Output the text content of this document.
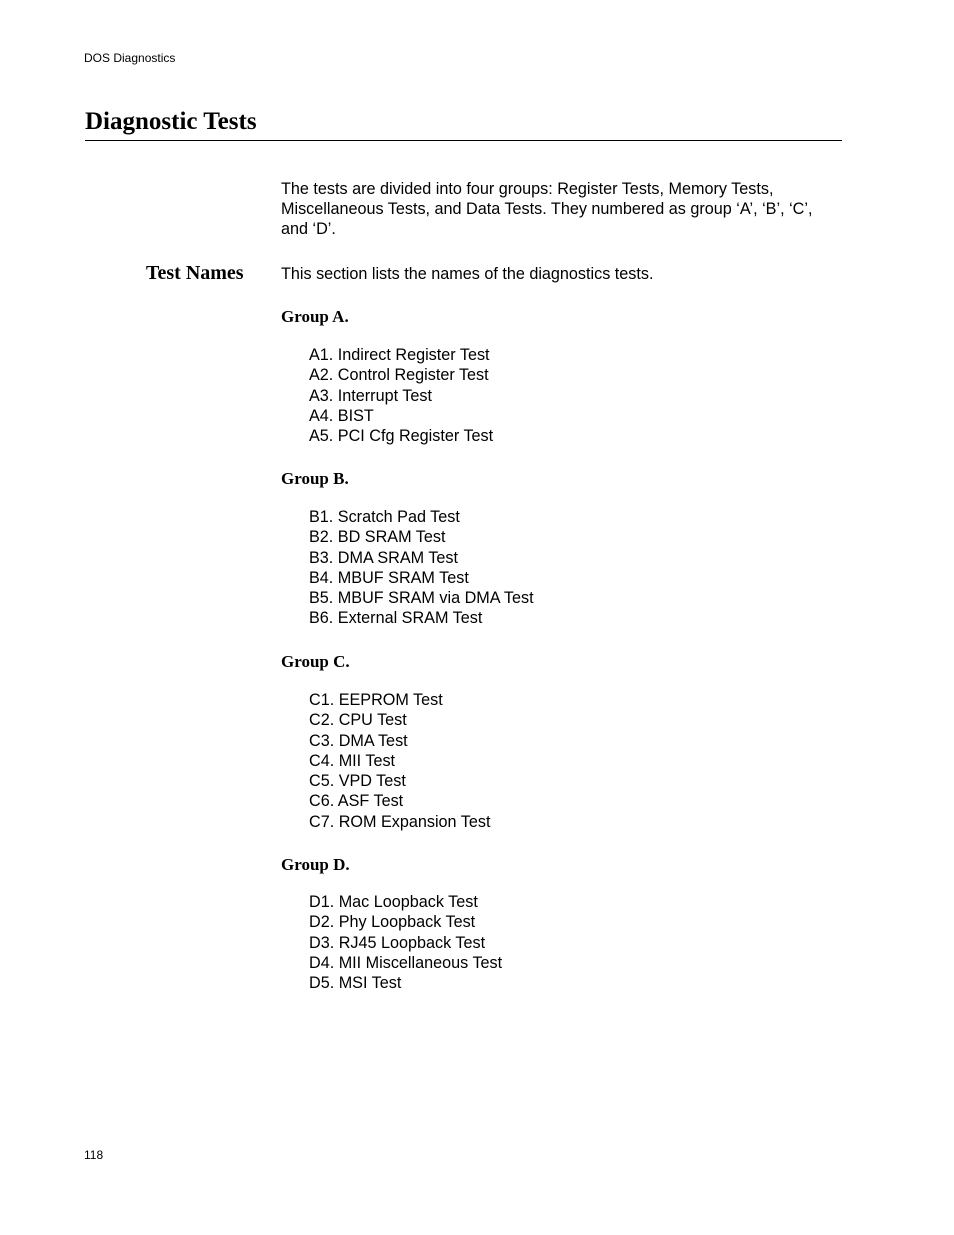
DOS Diagnostics
Diagnostic Tests

The tests are divided into four groups: Register Tests, Memory Tests, Miscellaneous Tests, and Data Tests. They numbered as group ‘A’, ‘B’, ‘C’, and ‘D’.

Test Names This section lists the names of the diagnostics tests.

Group A.
A1. Indirect Register Test
A2. Control Register Test
A3. Interrupt Test
A4. BIST
A5. PCI Cfg Register Test
Group B.
B1. Scratch Pad Test
B2. BD SRAM Test
B3. DMA SRAM Test
B4. MBUF SRAM Test
B5. MBUF SRAM via DMA Test
B6. External SRAM Test
Group C.
C1. EEPROM Test
C2. CPU Test
C3. DMA Test
C4. MII Test
C5. VPD Test
C6. ASF Test
C7. ROM Expansion Test
Group D.
D1. Mac Loopback Test
D2. Phy Loopback Test
D3. RJ45 Loopback Test
D4. MII Miscellaneous Test
D5. MSI Test
118
